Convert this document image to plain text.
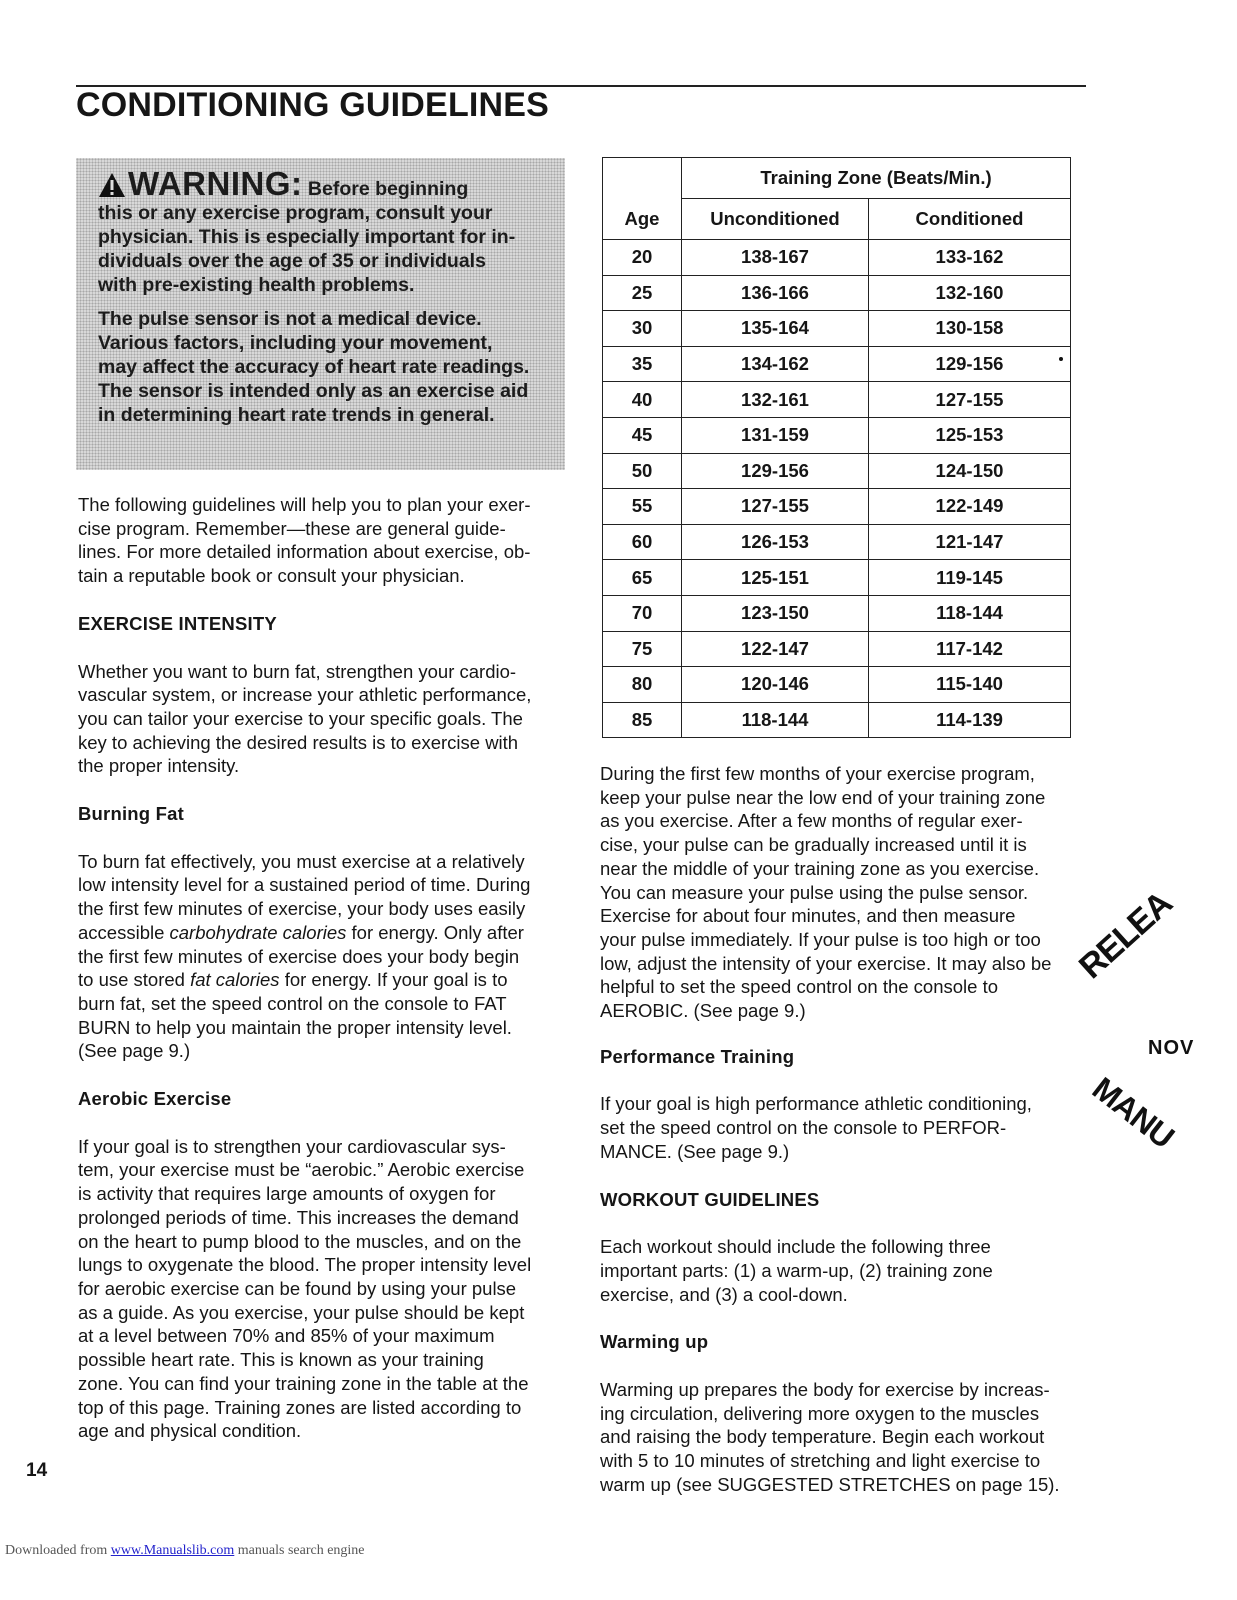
CONDITIONING GUIDELINES

WARNING: Before beginning
this or any exercise program, consult your
physician. This is especially important for in-
dividuals over the age of 35 or individuals
with pre-existing health problems.

The pulse sensor is not a medical device.
Various factors, including your movement,
may affect the accuracy of heart rate readings.
The sensor is intended only as an exercise aid
in determining heart rate trends in general.

The following guidelines will help you to plan your exer-
cise program. Remember—these are general guide-
lines. For more detailed information about exercise, ob-
tain a reputable book or consult your physician.

EXERCISE INTENSITY

Whether you want to burn fat, strengthen your cardio-
vascular system, or increase your athletic performance,
you can tailor your exercise to your specific goals. The
key to achieving the desired results is to exercise with
the proper intensity.

Burning Fat

To burn fat effectively, you must exercise at a relatively
low intensity level for a sustained period of time. During
the first few minutes of exercise, your body uses easily
accessible carbohydrate calories for energy. Only after
the first few minutes of exercise does your body begin
to use stored fat calories for energy. If your goal is to
burn fat, set the speed control on the console to FAT
BURN to help you maintain the proper intensity level.
(See page 9.)

Aerobic Exercise

If your goal is to strengthen your cardiovascular sys-
tem, your exercise must be “aerobic.” Aerobic exercise
is activity that requires large amounts of oxygen for
prolonged periods of time. This increases the demand
on the heart to pump blood to the muscles, and on the
lungs to oxygenate the blood. The proper intensity level
for aerobic exercise can be found by using your pulse
as a guide. As you exercise, your pulse should be kept
at a level between 70% and 85% of your maximum
possible heart rate. This is known as your training
zone. You can find your training zone in the table at the
top of this page. Training zones are listed according to
age and physical condition.

	Training Zone (Beats/Min.)	
Age	Unconditioned	Conditioned
20	138-167	133-162
25	136-166	132-160
30	135-164	130-158
35	134-162	129-156
40	132-161	127-155
45	131-159	125-153
50	129-156	124-150
55	127-155	122-149
60	126-153	121-147
65	125-151	119-145
70	123-150	118-144
75	122-147	117-142
80	120-146	115-140
85	118-144	114-139

During the first few months of your exercise program,
keep your pulse near the low end of your training zone
as you exercise. After a few months of regular exer-
cise, your pulse can be gradually increased until it is
near the middle of your training zone as you exercise.
You can measure your pulse using the pulse sensor.
Exercise for about four minutes, and then measure
your pulse immediately. If your pulse is too high or too
low, adjust the intensity of your exercise. It may also be
helpful to set the speed control on the console to
AEROBIC. (See page 9.)

Performance Training

If your goal is high performance athletic conditioning,
set the speed control on the console to PERFOR-
MANCE. (See page 9.)

WORKOUT GUIDELINES

Each workout should include the following three
important parts: (1) a warm-up, (2) training zone
exercise, and (3) a cool-down.

Warming up

Warming up prepares the body for exercise by increas-
ing circulation, delivering more oxygen to the muscles
and raising the body temperature. Begin each workout
with 5 to 10 minutes of stretching and light exercise to
warm up (see SUGGESTED STRETCHES on page 15).

RELEA
NOV
MANU
14
Downloaded from www.Manualslib.com manuals search engine
